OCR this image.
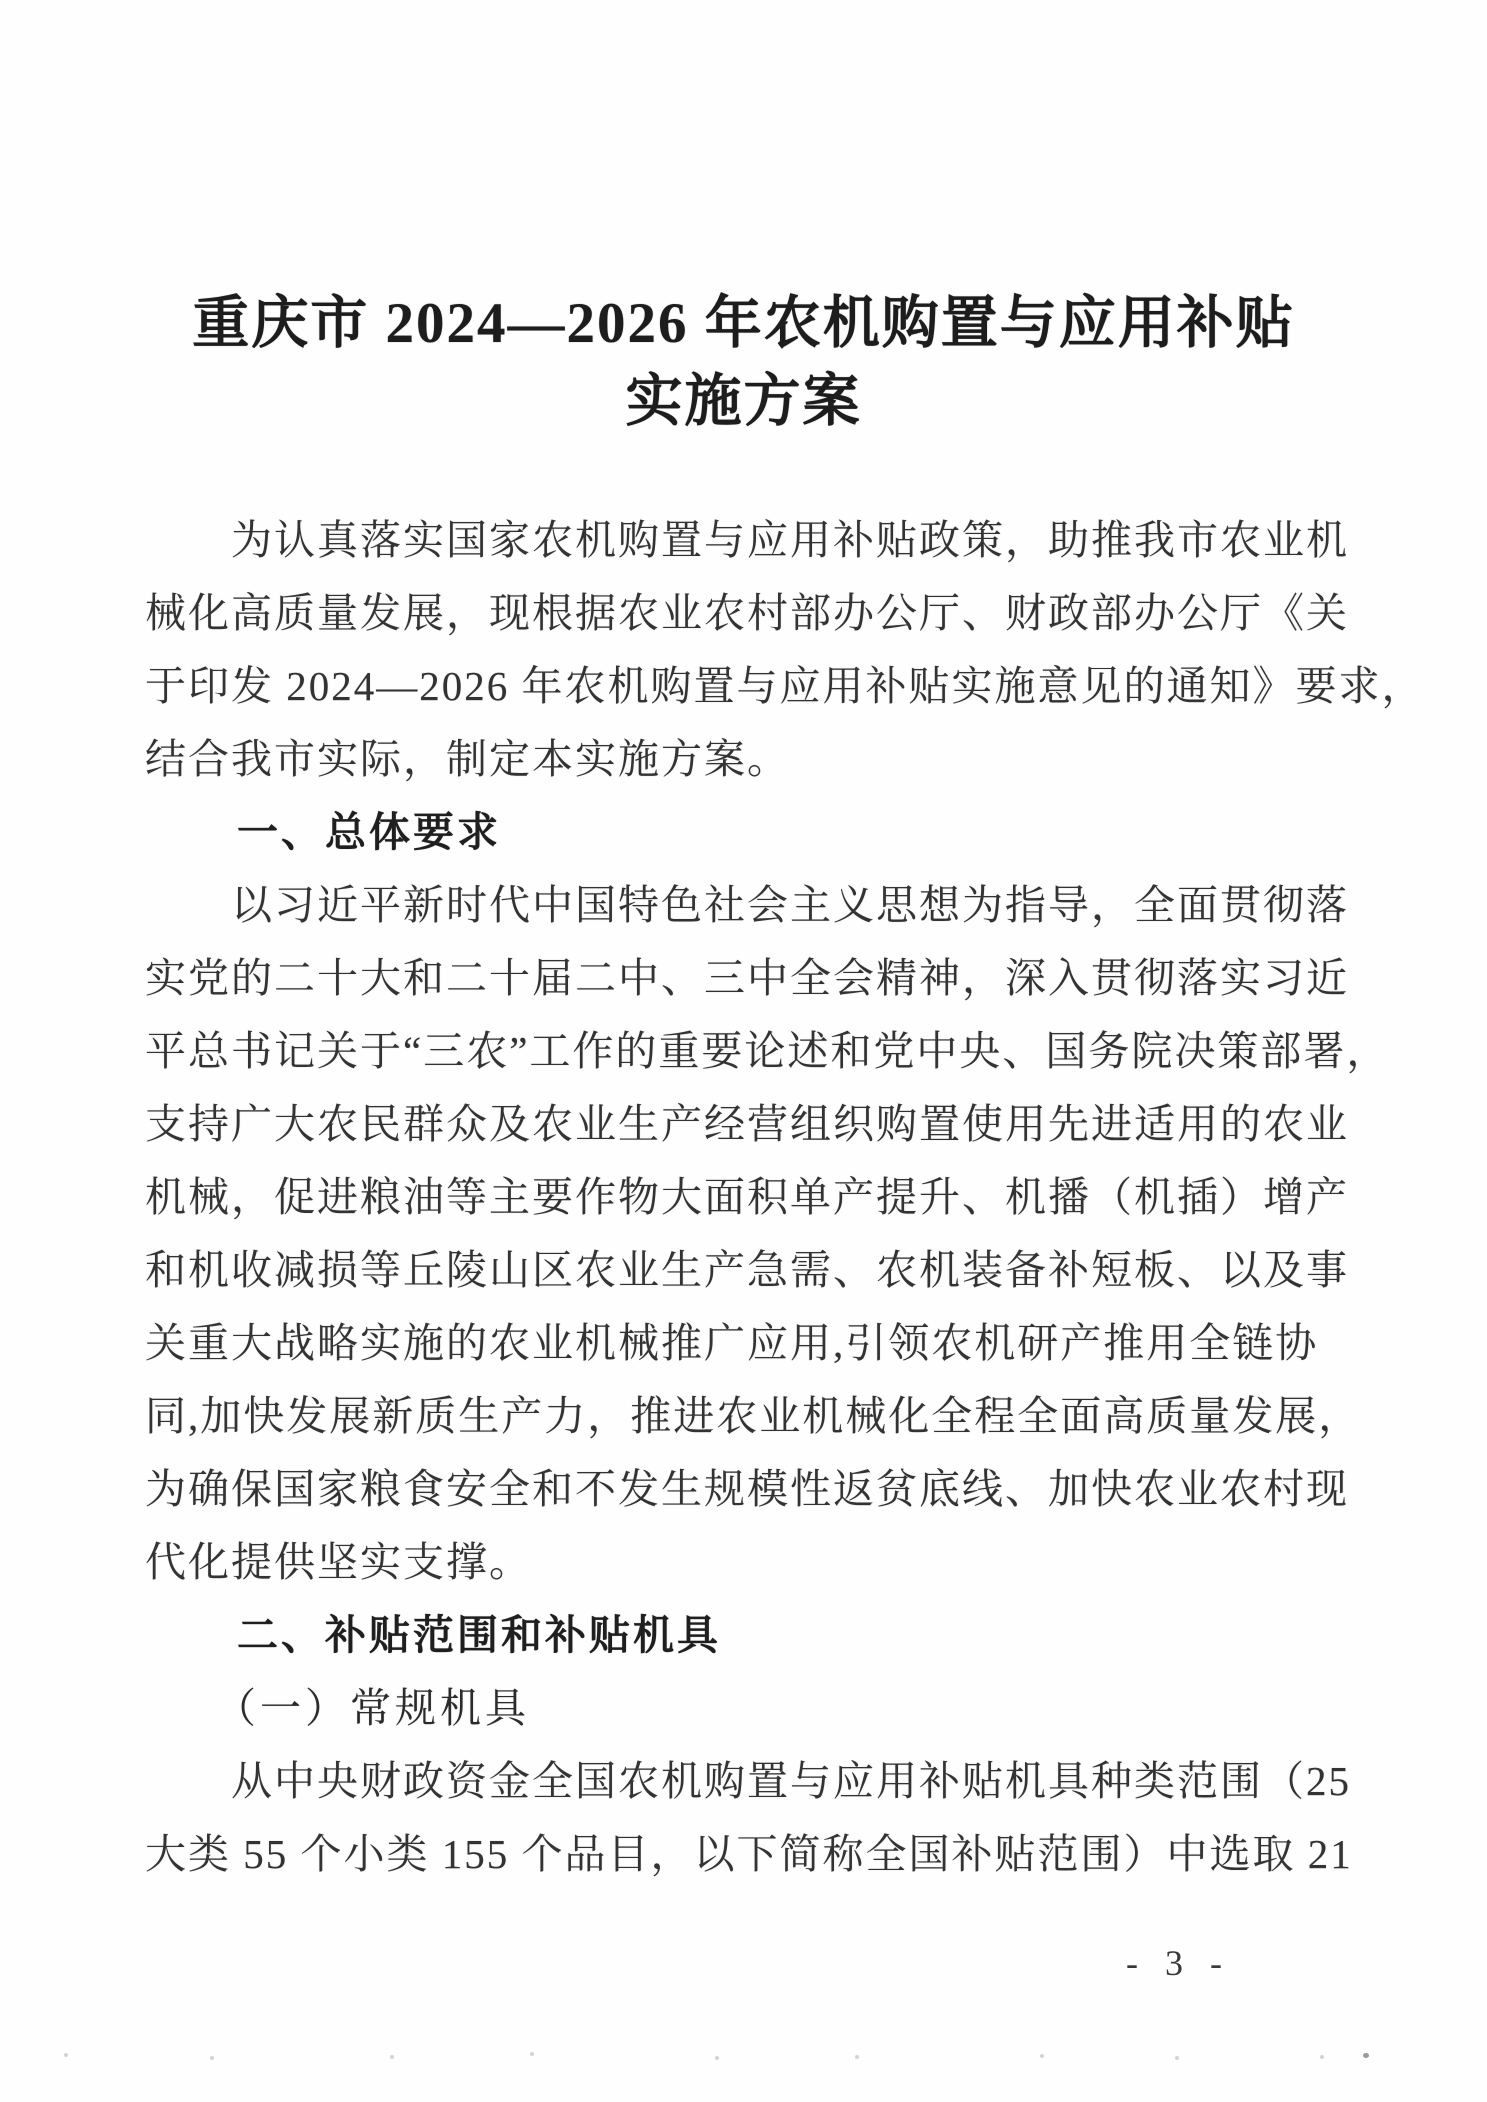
重庆市 2024—2026 年农机购置与应用补贴
实施方案
为认真落实国家农机购置与应用补贴政策，助推我市农业机
械化高质量发展，现根据农业农村部办公厅、财政部办公厅《关
于印发 2024—2026 年农机购置与应用补贴实施意见的通知》要求，
结合我市实际，制定本实施方案。
一、总体要求
以习近平新时代中国特色社会主义思想为指导，全面贯彻落
实党的二十大和二十届二中、三中全会精神，深入贯彻落实习近
平总书记关于“三农”工作的重要论述和党中央、国务院决策部署，
支持广大农民群众及农业生产经营组织购置使用先进适用的农业
机械，促进粮油等主要作物大面积单产提升、机播（机插）增产
和机收减损等丘陵山区农业生产急需、农机装备补短板、以及事
关重大战略实施的农业机械推广应用,引领农机研产推用全链协
同,加快发展新质生产力，推进农业机械化全程全面高质量发展，
为确保国家粮食安全和不发生规模性返贫底线、加快农业农村现
代化提供坚实支撑。
二、补贴范围和补贴机具
（一）常规机具
从中央财政资金全国农机购置与应用补贴机具种类范围（25
大类 55 个小类 155 个品目，以下简称全国补贴范围）中选取 21
- 3 -
